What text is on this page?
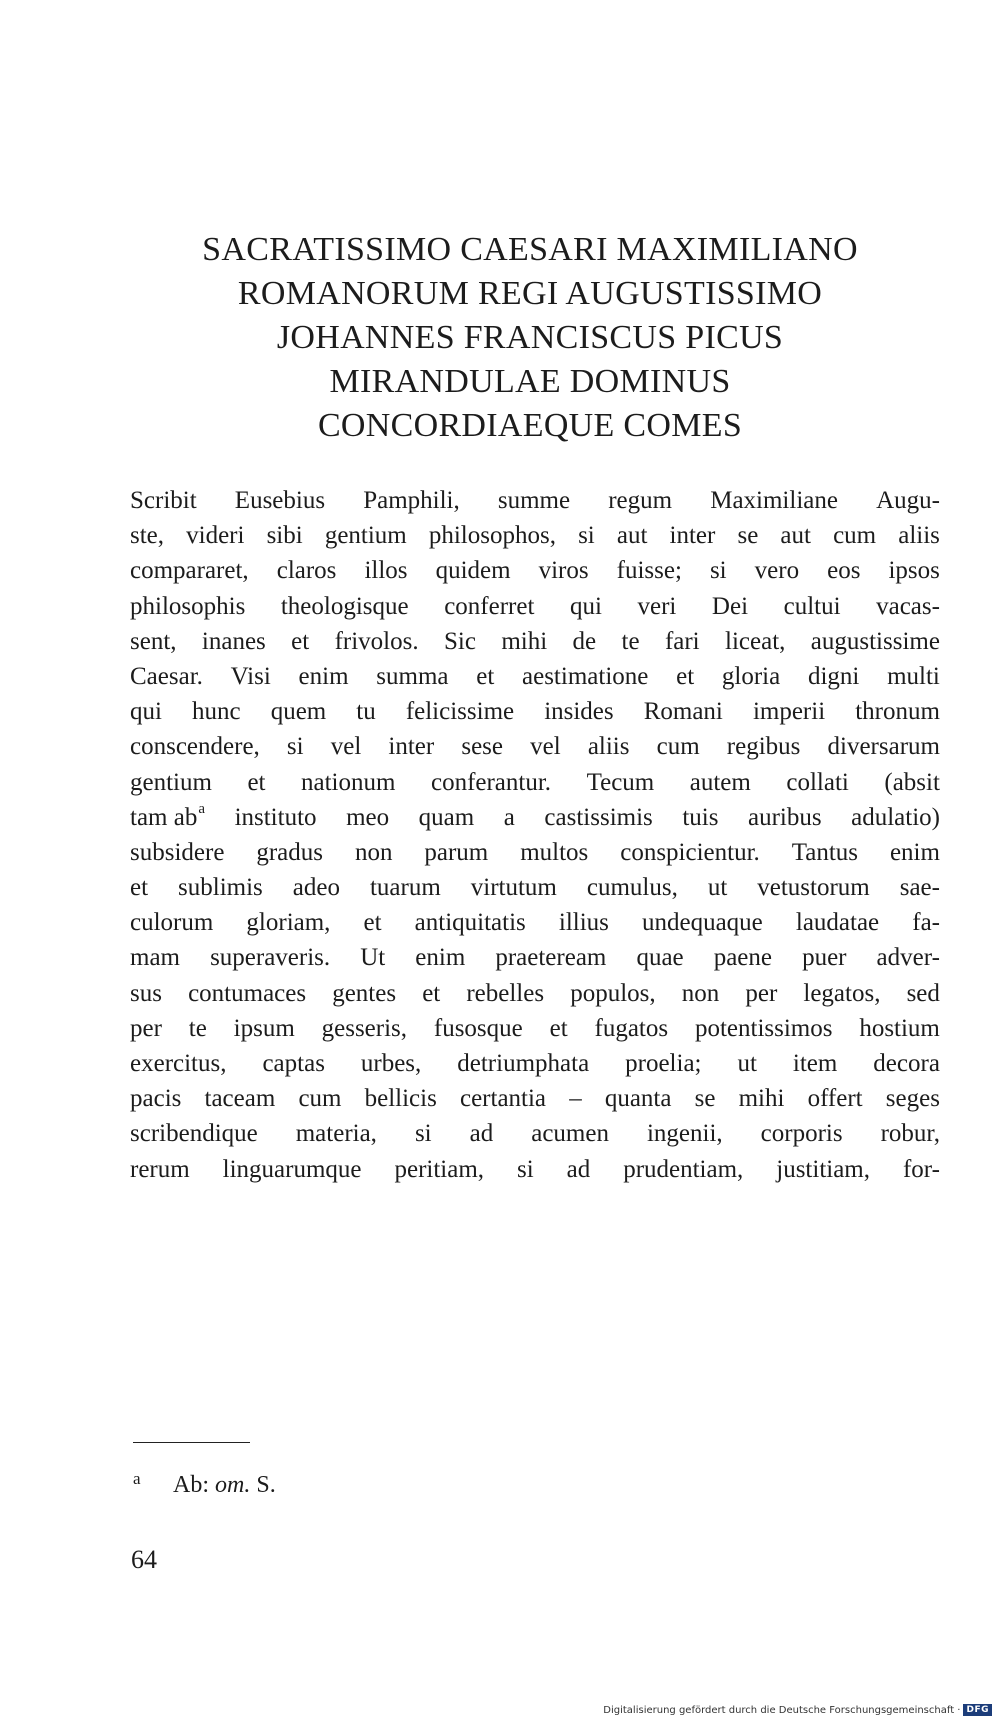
SACRATISSIMO CAESARI MAXIMILIANO
ROMANORUM REGI AUGUSTISSIMO
JOHANNES FRANCISCUS PICUS
MIRANDULAE DOMINUS
CONCORDIAEQUE COMES
Scribit Eusebius Pamphili, summe regum Maximiliane Augu-
ste, videri sibi gentium philosophos, si aut inter se aut cum aliis
compararet, claros illos quidem viros fuisse; si vero eos ipsos
philosophis theologisque conferret qui veri Dei cultui vacas-
sent, inanes et frivolos. Sic mihi de te fari liceat, augustissime
Caesar. Visi enim summa et aestimatione et gloria digni multi
qui hunc quem tu felicissime insides Romani imperii thronum
conscendere, si vel inter sese vel aliis cum regibus diversarum
gentium et nationum conferantur. Tecum autem collati (absit
tam ab$^a$ instituto meo quam a castissimis tuis auribus adulatio)
subsidere gradus non parum multos conspicientur. Tantus enim
et sublimis adeo tuarum virtutum cumulus, ut vetustorum sae-
culorum gloriam, et antiquitatis illius undequaque laudatae fa-
mam superaveris. Ut enim praeteream quae paene puer adver-
sus contumaces gentes et rebelles populos, non per legatos, sed
per te ipsum gesseris, fusosque et fugatos potentissimos hostium
exercitus, captas urbes, detriumphata proelia; ut item decora
pacis taceam cum bellicis certantia – quanta se mihi offert seges
scribendique materia, si ad acumen ingenii, corporis robur,
rerum linguarumque peritiam, si ad prudentiam, justitiam, for-
a Ab: om. S.
64
Digitalisierung gefördert durch die Deutsche Forschungsgemeinschaft · DFG
